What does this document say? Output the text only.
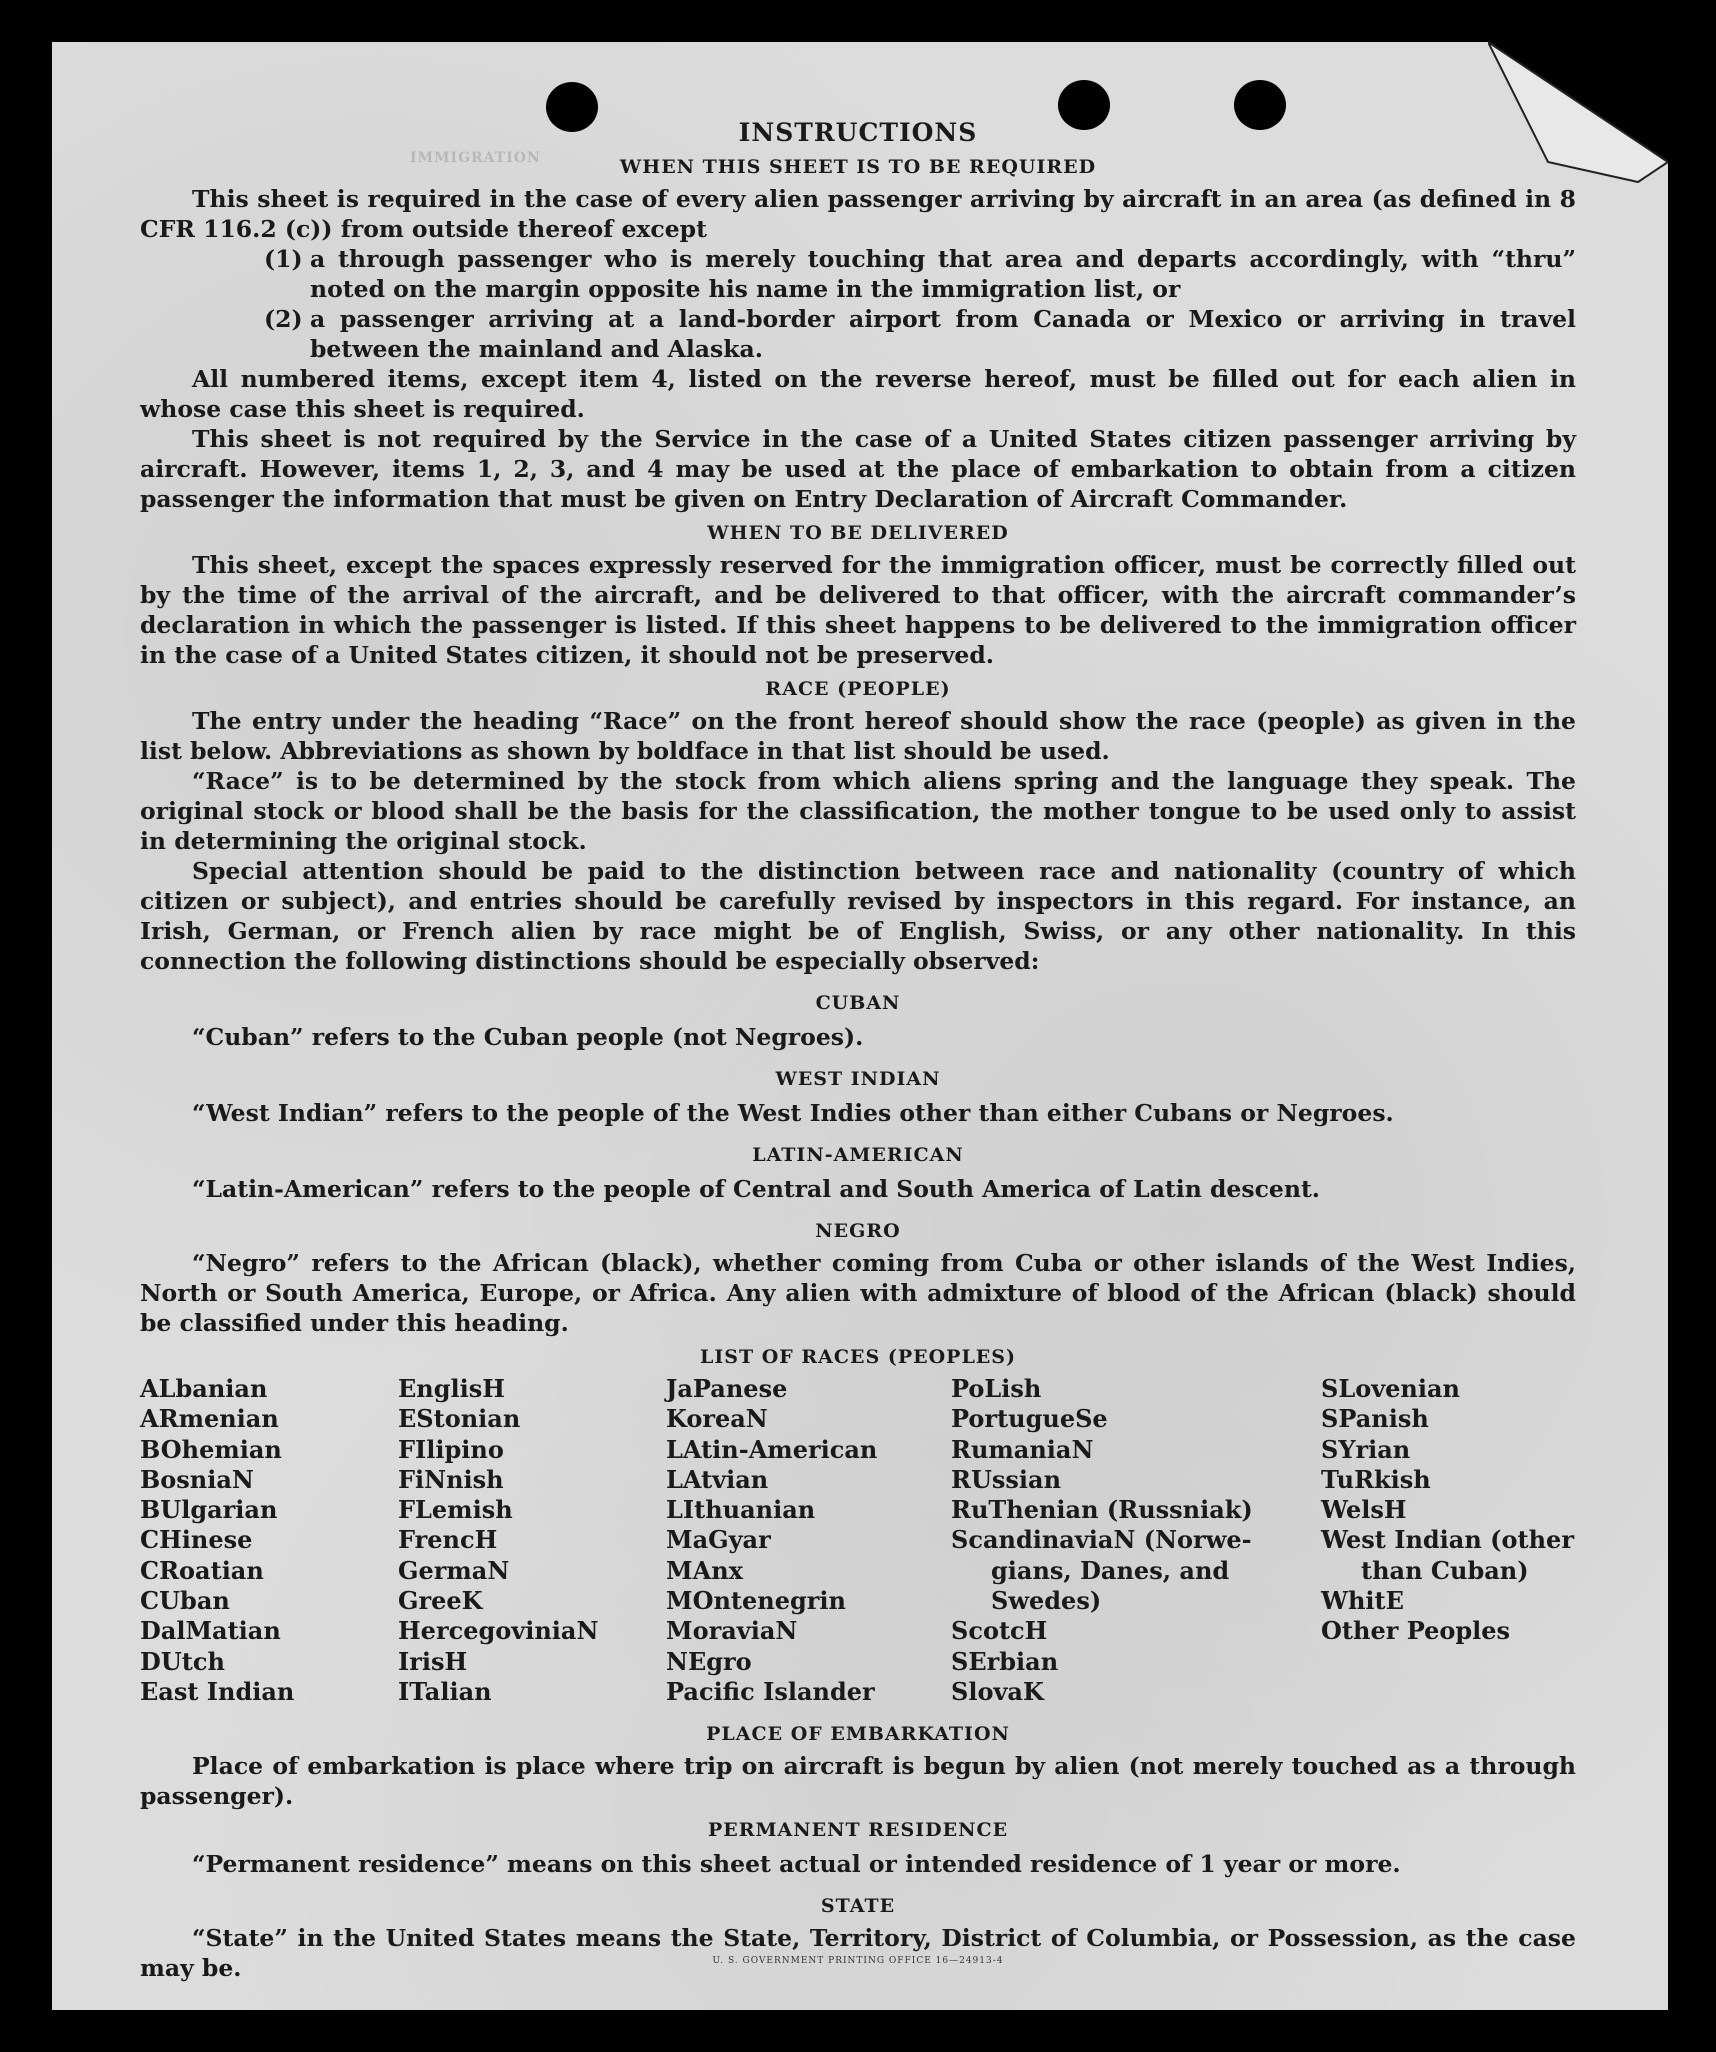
IMMIGRATION
INSTRUCTIONS
WHEN THIS SHEET IS TO BE REQUIRED

This sheet is required in the case of every alien passenger arriving by aircraft in an area (as defined in 8 CFR 116.2 (c)) from outside thereof except

(1) a through passenger who is merely touching that area and departs accordingly, with “thru” noted on the margin opposite his name in the immigration list, or
(2) a passenger arriving at a land-border airport from Canada or Mexico or arriving in travel between the mainland and Alaska.

All numbered items, except item 4, listed on the reverse hereof, must be filled out for each alien in whose case this sheet is required.

This sheet is not required by the Service in the case of a United States citizen passenger arriving by aircraft. However, items 1, 2, 3, and 4 may be used at the place of embarkation to obtain from a citizen passenger the information that must be given on Entry Declaration of Aircraft Commander.

WHEN TO BE DELIVERED

This sheet, except the spaces expressly reserved for the immigration officer, must be correctly filled out by the time of the arrival of the aircraft, and be delivered to that officer, with the aircraft commander’s declaration in which the passenger is listed. If this sheet happens to be delivered to the immigration officer in the case of a United States citizen, it should not be preserved.

RACE (PEOPLE)

The entry under the heading “Race” on the front hereof should show the race (people) as given in the list below. Abbreviations as shown by boldface in that list should be used.

“Race” is to be determined by the stock from which aliens spring and the language they speak. The original stock or blood shall be the basis for the classification, the mother tongue to be used only to assist in determining the original stock.

Special attention should be paid to the distinction between race and nationality (country of which citizen or subject), and entries should be carefully revised by inspectors in this regard. For instance, an Irish, German, or French alien by race might be of English, Swiss, or any other nationality. In this connection the following distinctions should be especially observed:

CUBAN

“Cuban” refers to the Cuban people (not Negroes).

WEST INDIAN

“West Indian” refers to the people of the West Indies other than either Cubans or Negroes.

LATIN-AMERICAN

“Latin-American” refers to the people of Central and South America of Latin descent.

NEGRO

“Negro” refers to the African (black), whether coming from Cuba or other islands of the West Indies, North or South America, Europe, or Africa. Any alien with admixture of blood of the African (black) should be classified under this heading.

LIST OF RACES (PEOPLES)
ALbanian
ARmenian
BOhemian
BosniaN
BUlgarian
CHinese
CRoatian
CUban
DalMatian
DUtch
East Indian
EnglisH
EStonian
FIlipino
FiNnish
FLemish
FrencH
GermaN
GreeK
HercegoviniaN
IrisH
ITalian
JaPanese
KoreaN
LAtin-American
LAtvian
LIthuanian
MaGyar
MAnx
MOntenegrin
MoraviaN
NEgro
Pacific Islander
PoLish
PortugueSe
RumaniaN
RUssian
RuThenian (Russniak)
ScandinaviaN (Norwe-
gians, Danes, and
Swedes)
ScotcH
SErbian
SlovaK
SLovenian
SPanish
SYrian
TuRkish
WelsH
West Indian (other
than Cuban)
WhitE
Other Peoples
PLACE OF EMBARKATION

Place of embarkation is place where trip on aircraft is begun by alien (not merely touched as a through passenger).

PERMANENT RESIDENCE

“Permanent residence” means on this sheet actual or intended residence of 1 year or more.

STATE

“State” in the United States means the State, Territory, District of Columbia, or Possession, as the case may be.	U. S. GOVERNMENT PRINTING OFFICE 16—24913-4
